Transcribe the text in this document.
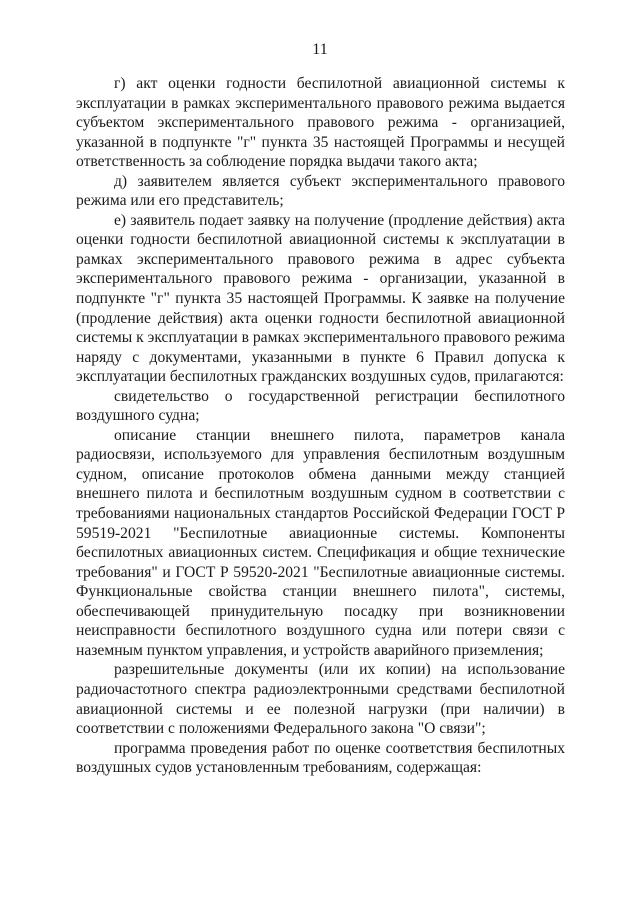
11

г) акт оценки годности беспилотной авиационной системы к эксплуатации в рамках экспериментального правового режима выдается субъектом экспериментального правового режима - организацией, указанной в подпункте "г" пункта 35 настоящей Программы и несущей ответственность за соблюдение порядка выдачи такого акта;

д) заявителем является субъект экспериментального правового режима или его представитель;

е) заявитель подает заявку на получение (продление действия) акта оценки годности беспилотной авиационной системы к эксплуатации в рамках экспериментального правового режима в адрес субъекта экспериментального правового режима - организации, указанной в подпункте "г" пункта 35 настоящей Программы. К заявке на получение (продление действия) акта оценки годности беспилотной авиационной системы к эксплуатации в рамках экспериментального правового режима наряду с документами, указанными в пункте 6 Правил допуска к эксплуатации беспилотных гражданских воздушных судов, прилагаются:

свидетельство о государственной регистрации беспилотного воздушного судна;

описание станции внешнего пилота, параметров канала радиосвязи, используемого для управления беспилотным воздушным судном, описание протоколов обмена данными между станцией внешнего пилота и беспилотным воздушным судном в соответствии с требованиями национальных стандартов Российской Федерации ГОСТ Р 59519-2021 "Беспилотные авиационные системы. Компоненты беспилотных авиационных систем. Спецификация и общие технические требования" и ГОСТ Р 59520-2021 "Беспилотные авиационные системы. Функциональные свойства станции внешнего пилота", системы, обеспечивающей принудительную посадку при возникновении неисправности беспилотного воздушного судна или потери связи с наземным пунктом управления, и устройств аварийного приземления;

разрешительные документы (или их копии) на использование радиочастотного спектра радиоэлектронными средствами беспилотной авиационной системы и ее полезной нагрузки (при наличии) в соответствии с положениями Федерального закона "О связи";

программа проведения работ по оценке соответствия беспилотных воздушных судов установленным требованиям, содержащая:
